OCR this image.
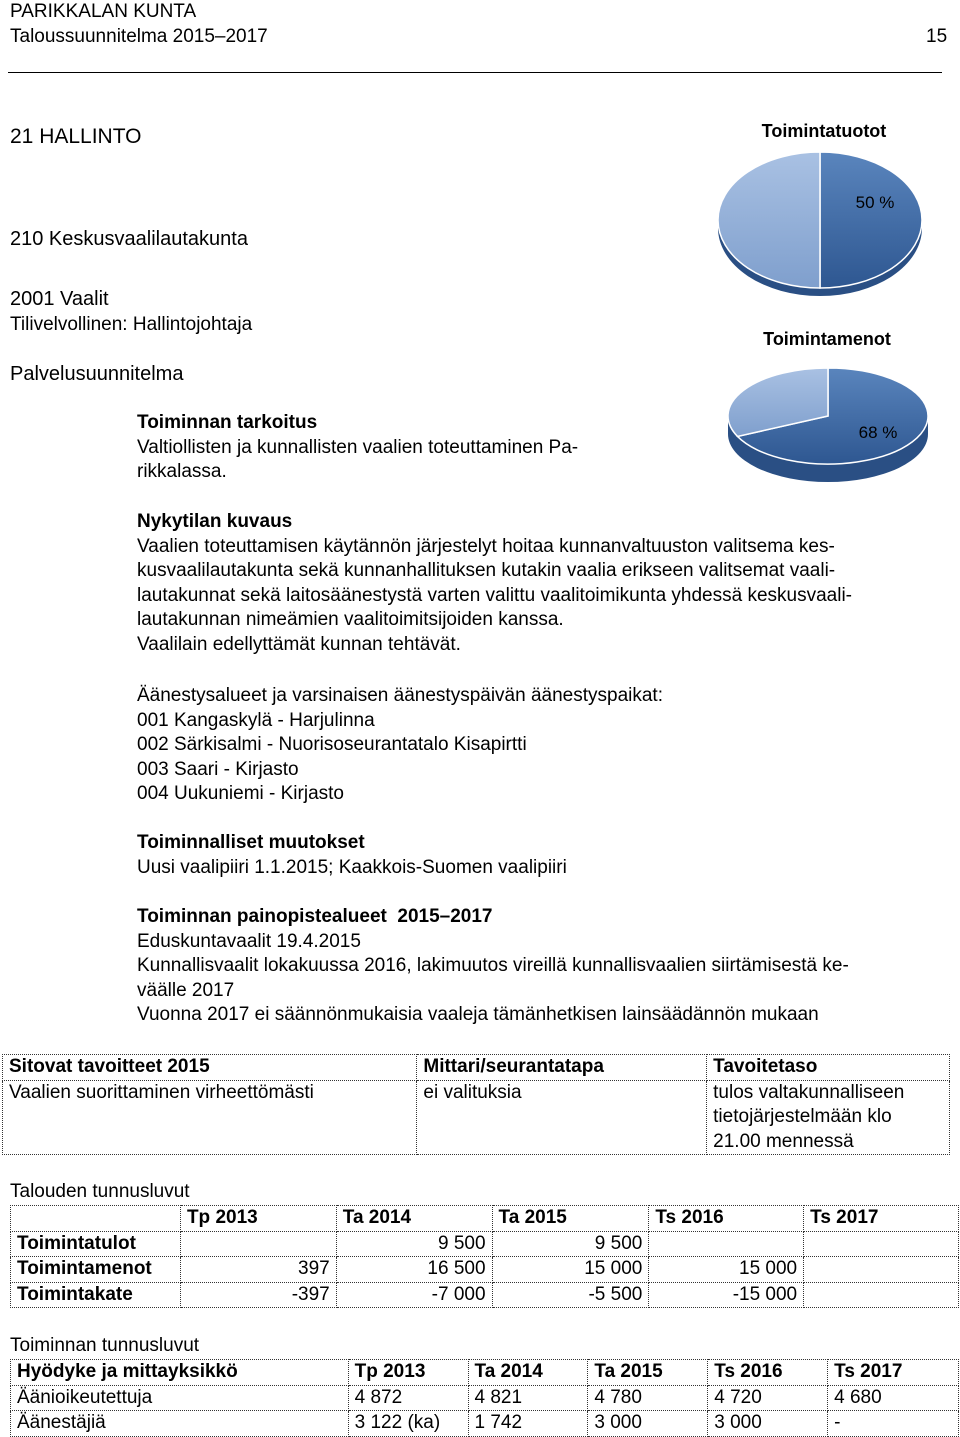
PARIKKALAN KUNTA
Taloussuunnitelma 2015–2017	15
21 HALLINTO
210 Keskusvaalilautakunta
2001 Vaalit
Tilivelvollinen: Hallintojohtaja
Palvelusuunnitelma
Toimintatuotot
50 %
Toimintamenot
68 %
Toiminnan tarkoitus
Valtiollisten ja kunnallisten vaalien toteuttaminen Pa-
rikkalassa.
Nykytilan kuvaus
Vaalien toteuttamisen käytännön järjestelyt hoitaa kunnanvaltuuston valitsema kes-
kusvaalilautakunta sekä kunnanhallituksen kutakin vaalia erikseen valitsemat vaali-
lautakunnat sekä laitosäänestystä varten valittu vaalitoimikunta yhdessä keskusvaali-
lautakunnan nimeämien vaalitoimitsijoiden kanssa.
Vaalilain edellyttämät kunnan tehtävät.
Äänestysalueet ja varsinaisen äänestyspäivän äänestyspaikat:
001 Kangaskylä - Harjulinna
002 Särkisalmi - Nuorisoseurantatalo Kisapirtti
003 Saari - Kirjasto
004 Uukuniemi - Kirjasto
Toiminnalliset muutokset
Uusi vaalipiiri 1.1.2015; Kaakkois-Suomen vaalipiiri
Toiminnan painopistealueet  2015–2017
Eduskuntavaalit 19.4.2015
Kunnallisvaalit lokakuussa 2016, lakimuutos vireillä kunnallisvaalien siirtämisestä ke-
väälle 2017
Vuonna 2017 ei säännönmukaisia vaaleja tämänhetkisen lainsäädännön mukaan
Sitovat tavoitteet 2015	Mittari/seurantatapa	Tavoitetaso
Vaalien suorittaminen virheettömästi	ei valituksia	tulos valtakunnalliseen
tietojärjestelmään klo
21.00 mennessä
Talouden tunnusluvut
	Tp 2013	Ta 2014	Ta 2015	Ts 2016	Ts 2017
Toimintatulot		9 500	9 500		
Toimintamenot	397	16 500	15 000	15 000	
Toimintakate	-397	-7 000	-5 500	-15 000	
Toiminnan tunnusluvut
Hyödyke ja mittayksikkö	Tp 2013	Ta 2014	Ta 2015	Ts 2016	Ts 2017
Äänioikeutettuja	4 872	4 821	4 780	4 720	4 680
Äänestäjiä	3 122 (ka)	1 742	3 000	3 000	-
